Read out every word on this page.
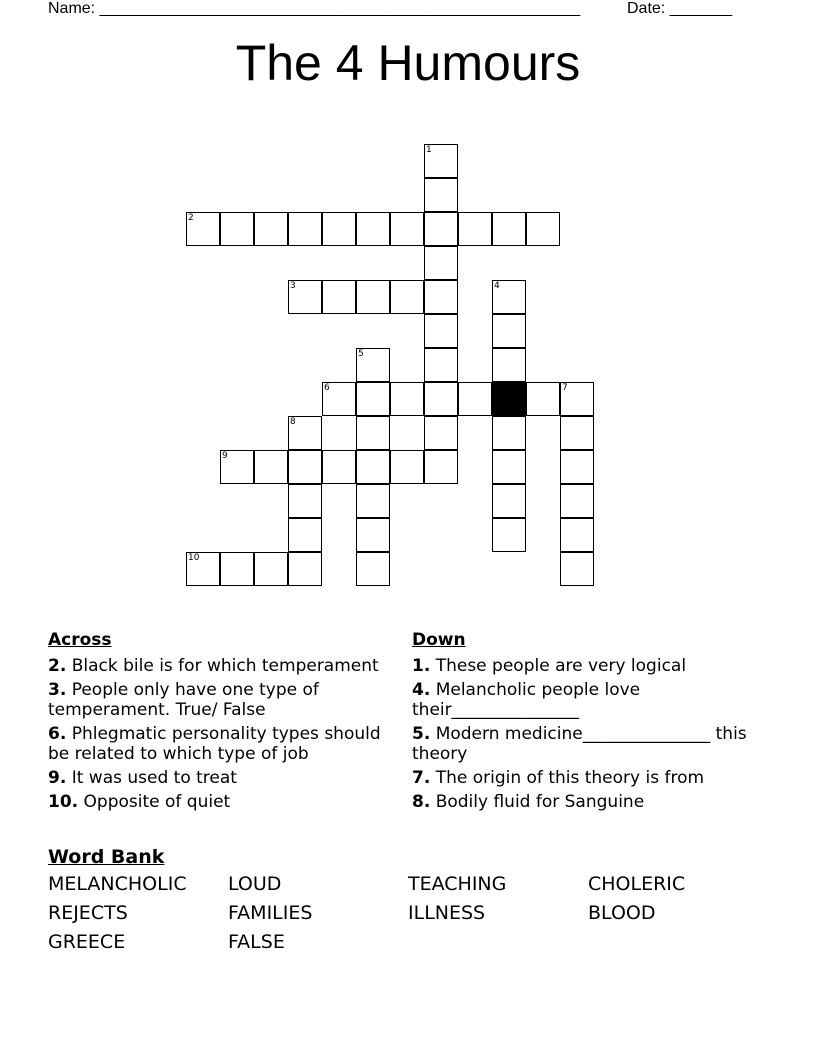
Name: ______________________________________________________	Date: _______
The 4 Humours
1
2
3	4
5
6	7
8
9
10
Across
2. Black bile is for which temperament
3. People only have one type of temperament. True/ False
6. Phlegmatic personality types should be related to which type of job
9. It was used to treat
10. Opposite of quiet
Down
1. These people are very logical
4. Melancholic people love their_______________
5. Modern medicine_______________ this theory
7. The origin of this theory is from
8. Bodily fluid for Sanguine
Word Bank
MELANCHOLIC	LOUD	TEACHING	CHOLERIC
REJECTS	FAMILIES	ILLNESS	BLOOD
GREECE	FALSE
